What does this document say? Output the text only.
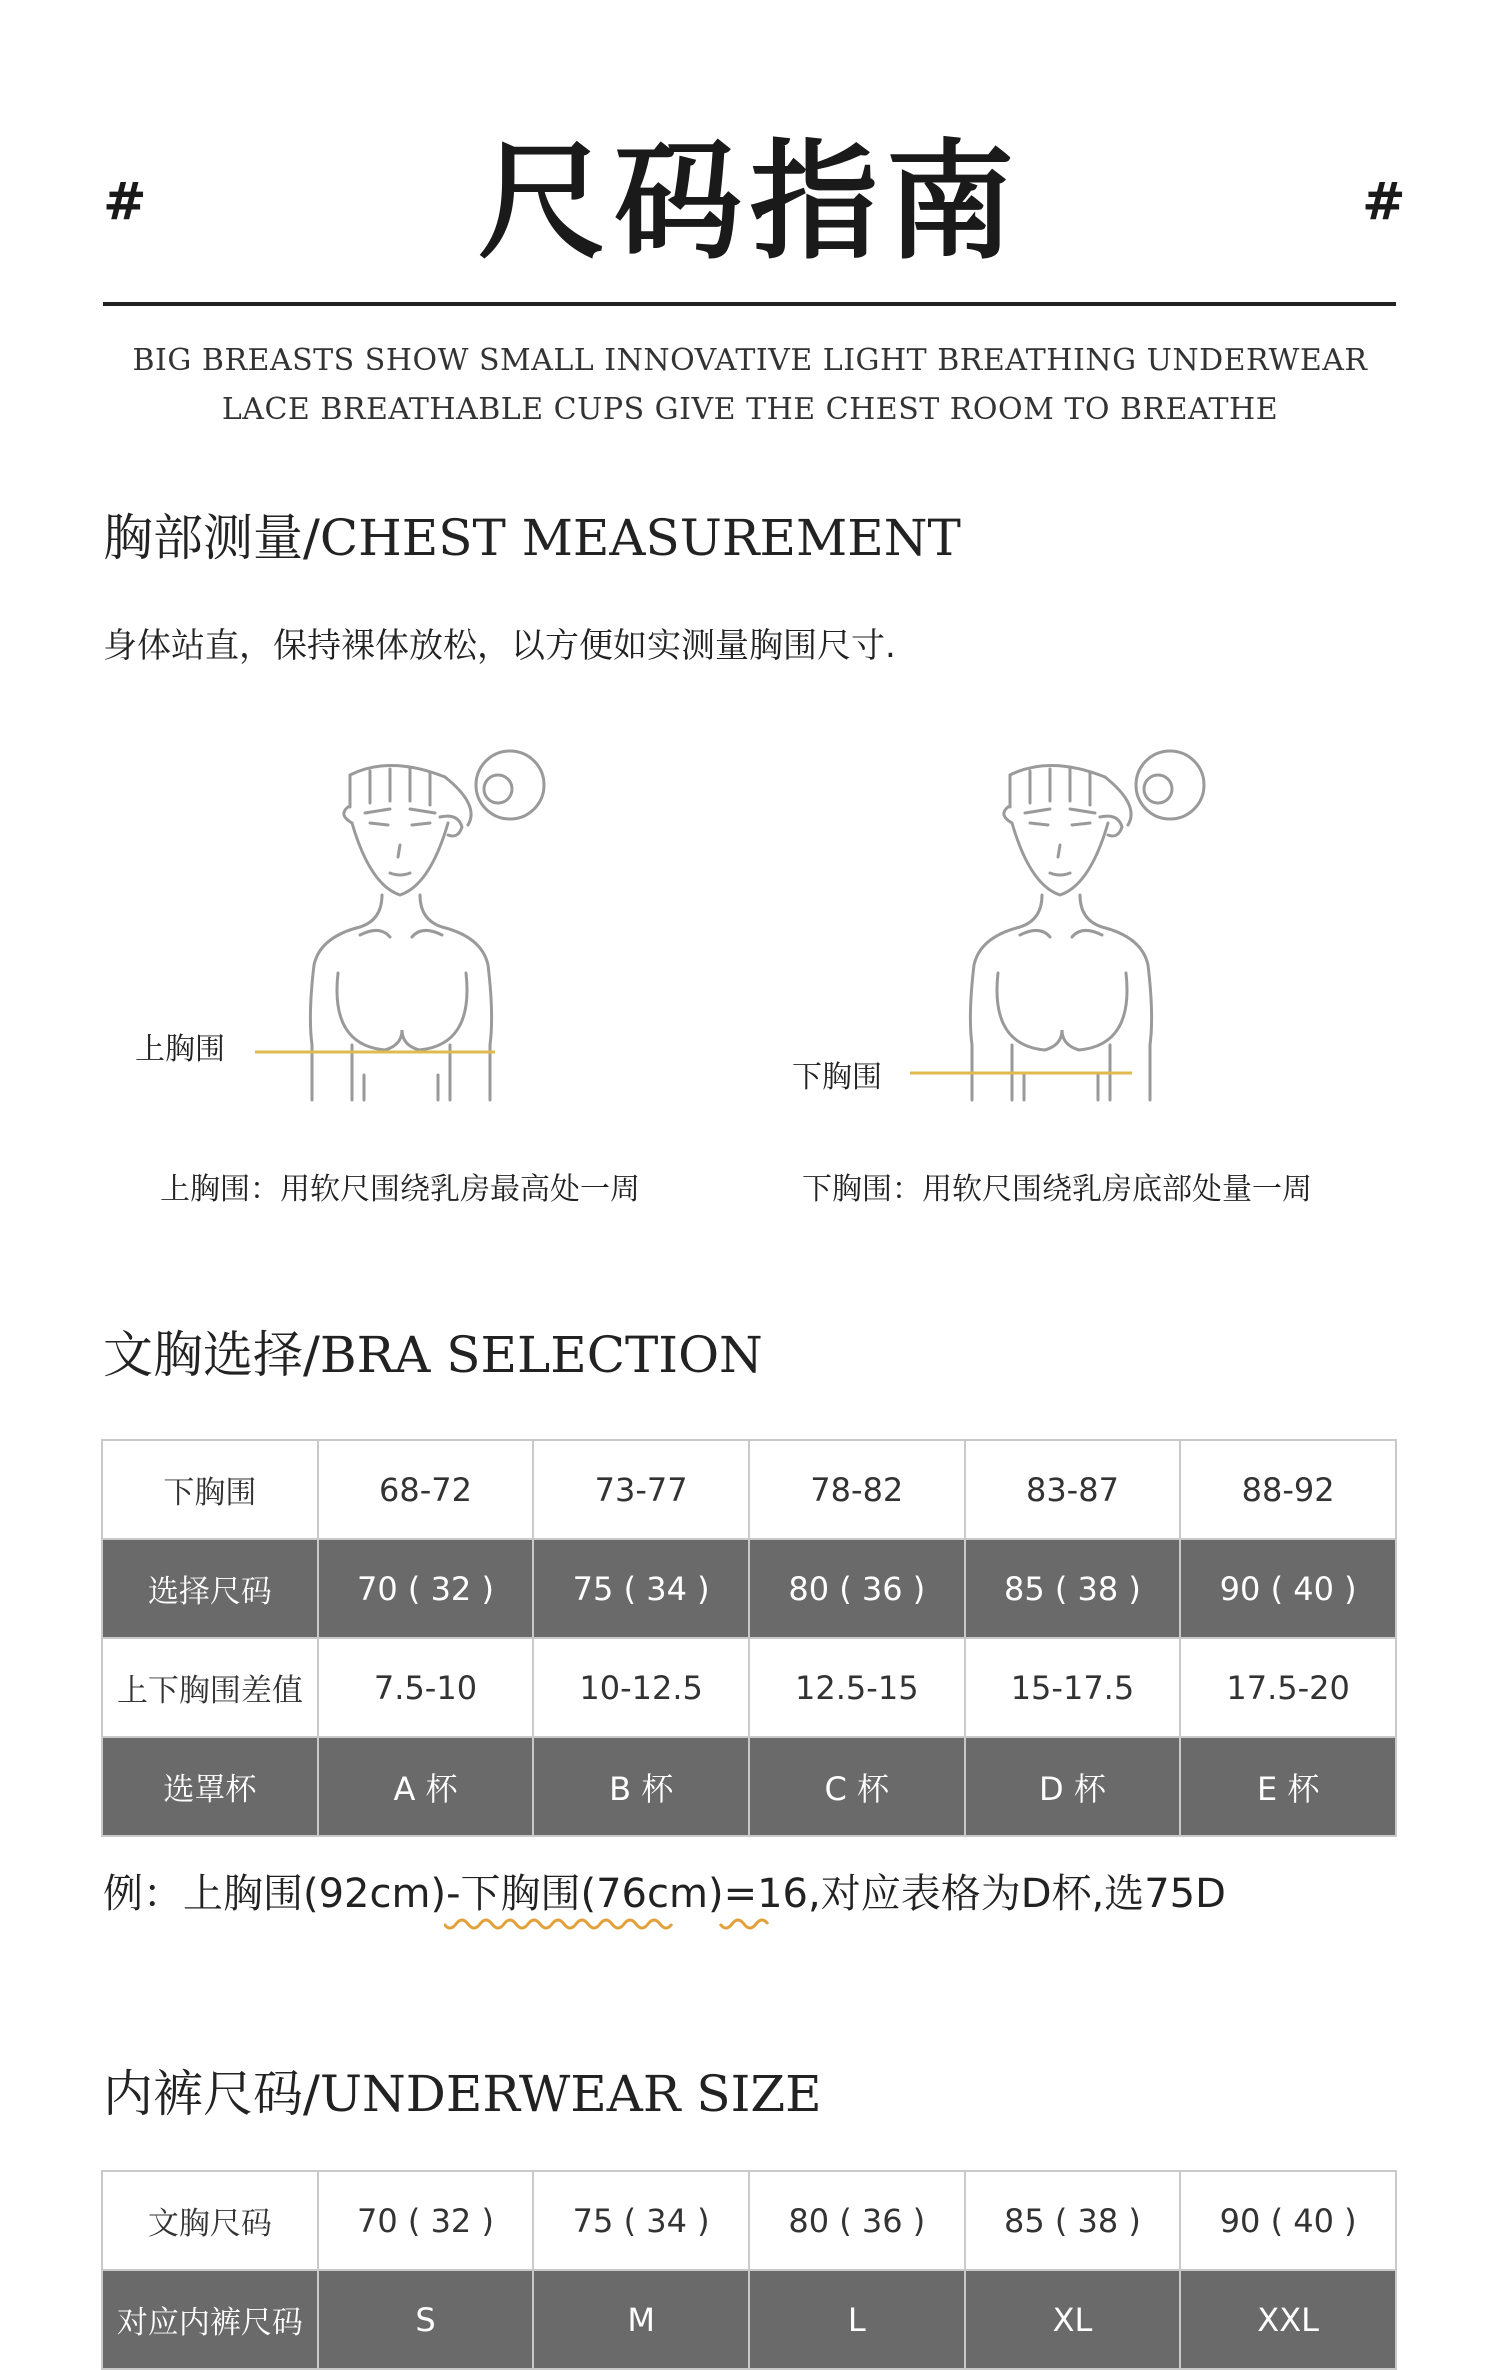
#	#
尺码指南
BIG BREASTS SHOW SMALL INNOVATIVE LIGHT BREATHING UNDERWEAR
LACE BREATHABLE CUPS GIVE THE CHEST ROOM TO BREATHE
胸部测量/CHEST MEASUREMENT
身体站直，保持裸体放松，以方便如实测量胸围尺寸.
上胸围
上胸围：用软尺围绕乳房最高处一周
下胸围
下胸围：用软尺围绕乳房底部处量一周
文胸选择/BRA SELECTION
下胸围	68-72	73-77	78-82	83-87	88-92
选择尺码	70 ( 32 )	75 ( 34 )	80 ( 36 )	85 ( 38 )	90 ( 40 )
上下胸围差值	7.5-10	10-12.5	12.5-15	15-17.5	17.5-20
选罩杯	A 杯	B 杯	C 杯	D 杯	E 杯
例：上胸围(92cm)-下胸围(76cm)=16,对应表格为D杯,选75D
内裤尺码/UNDERWEAR SIZE
文胸尺码	70 ( 32 )	75 ( 34 )	80 ( 36 )	85 ( 38 )	90 ( 40 )
对应内裤尺码	S	M	L	XL	XXL
